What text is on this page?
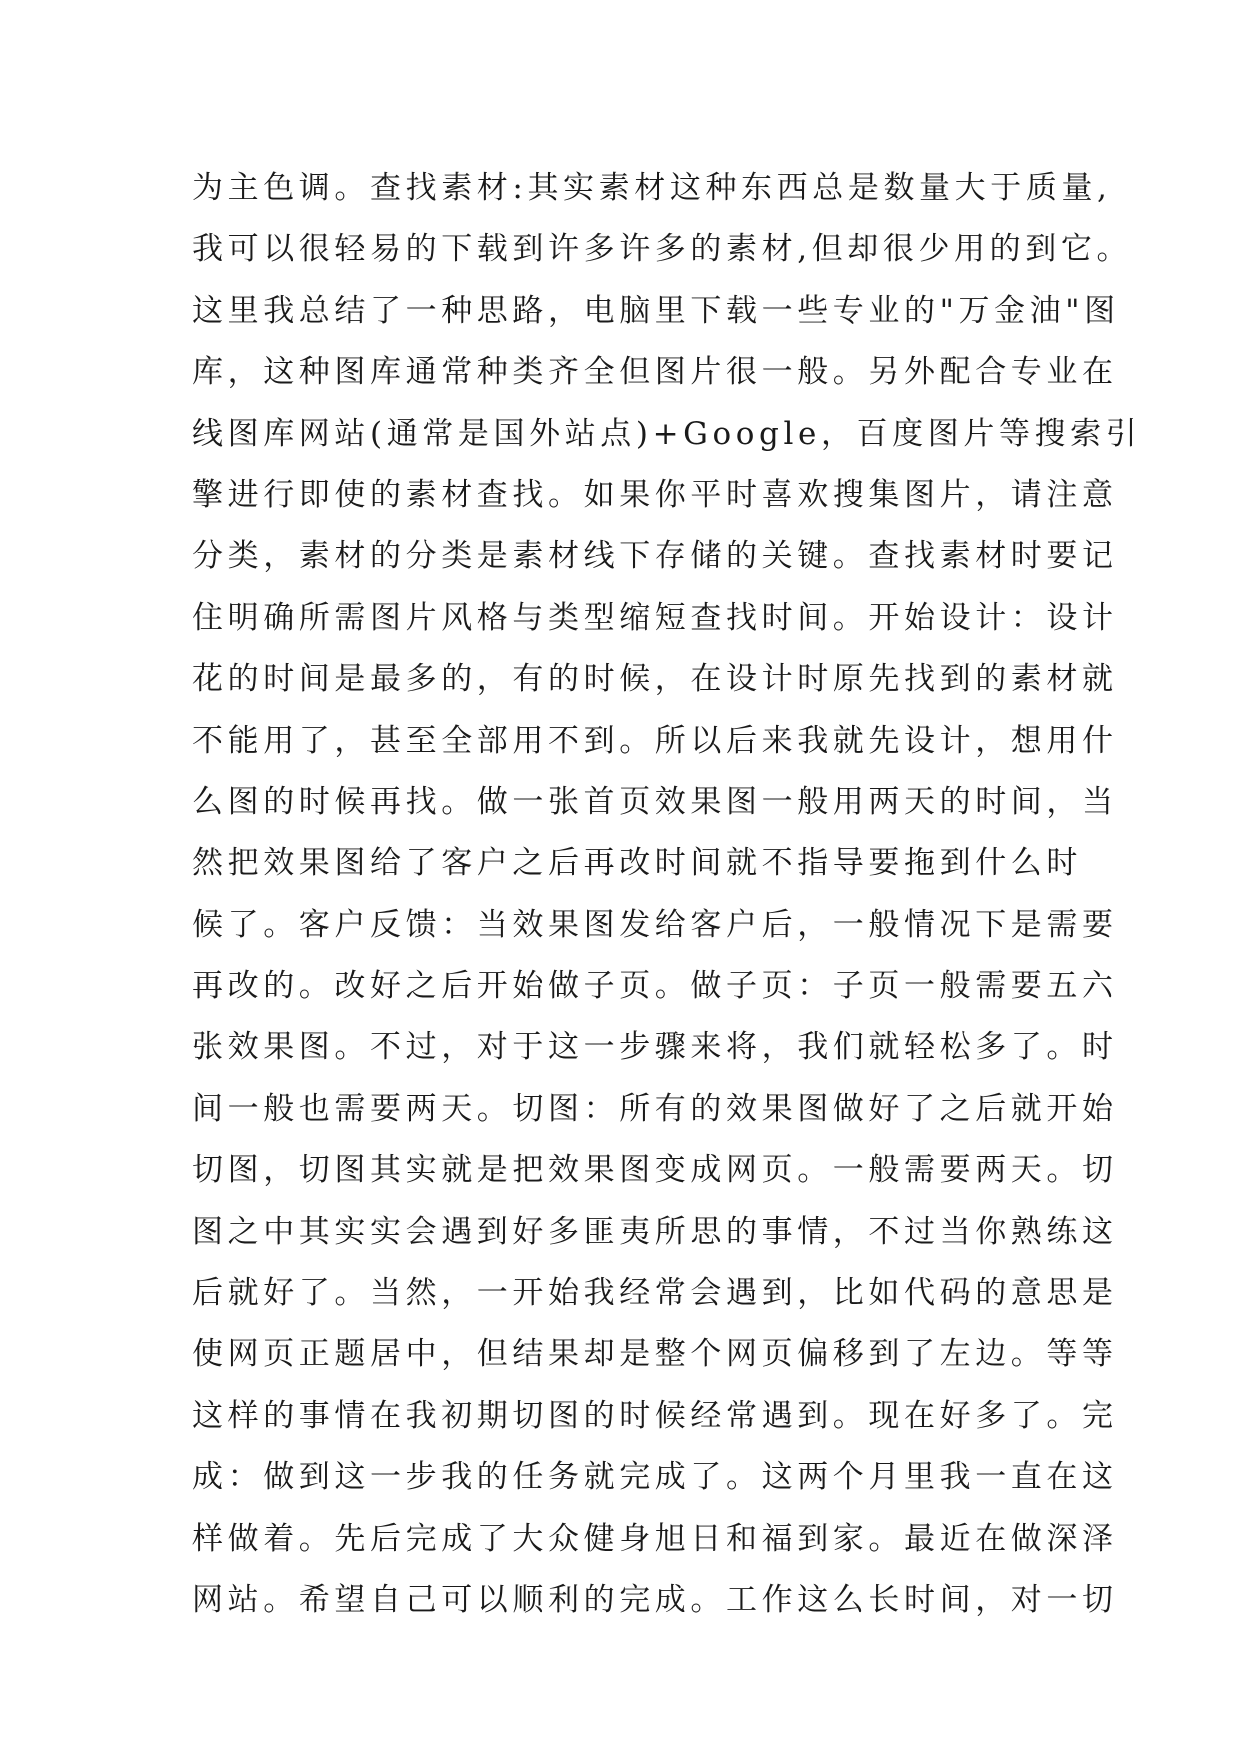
为主色调。查找素材:其实素材这种东西总是数量大于质量,
我可以很轻易的下载到许多许多的素材,但却很少用的到它。
这里我总结了一种思路，电脑里下载一些专业的"万金油"图
库，这种图库通常种类齐全但图片很一般。另外配合专业在
线图库网站(通常是国外站点)+Google，百度图片等搜索引
擎进行即使的素材查找。如果你平时喜欢搜集图片，请注意
分类，素材的分类是素材线下存储的关键。查找素材时要记
住明确所需图片风格与类型缩短查找时间。开始设计：设计
花的时间是最多的，有的时候，在设计时原先找到的素材就
不能用了，甚至全部用不到。所以后来我就先设计，想用什
么图的时候再找。做一张首页效果图一般用两天的时间，当
然把效果图给了客户之后再改时间就不指导要拖到什么时
候了。客户反馈：当效果图发给客户后，一般情况下是需要
再改的。改好之后开始做子页。做子页：子页一般需要五六
张效果图。不过，对于这一步骤来将，我们就轻松多了。时
间一般也需要两天。切图：所有的效果图做好了之后就开始
切图，切图其实就是把效果图变成网页。一般需要两天。切
图之中其实实会遇到好多匪夷所思的事情，不过当你熟练这
后就好了。当然，一开始我经常会遇到，比如代码的意思是
使网页正题居中，但结果却是整个网页偏移到了左边。等等
这样的事情在我初期切图的时候经常遇到。现在好多了。完
成：做到这一步我的任务就完成了。这两个月里我一直在这
样做着。先后完成了大众健身旭日和福到家。最近在做深泽
网站。希望自己可以顺利的完成。工作这么长时间，对一切
